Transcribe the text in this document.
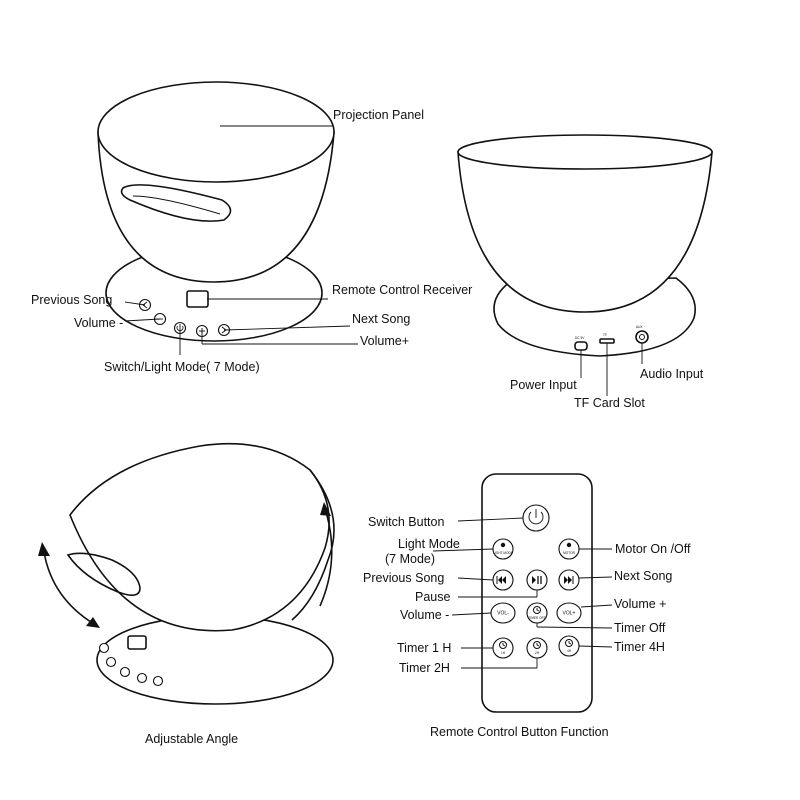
Projection Panel
Remote Control Receiver
Previous Song
Volume -	Next Song
Volume+
Switch/Light Mode( 7 Mode)
DC 5V
TF
AUX
Power Input
TF Card Slot
Audio Input
Adjustable Angle
LIGHT MODE	MOTOR
VOL-
TIMER OFF
VOL+
1H	2H	4H
Switch Button
Light Mode
(7 Mode)
Motor On /Off
Previous Song	Next Song
Pause
Volume -
Volume +
Timer Off
Timer 1 H	Timer 4H
Timer 2H
Remote Control Button Function
